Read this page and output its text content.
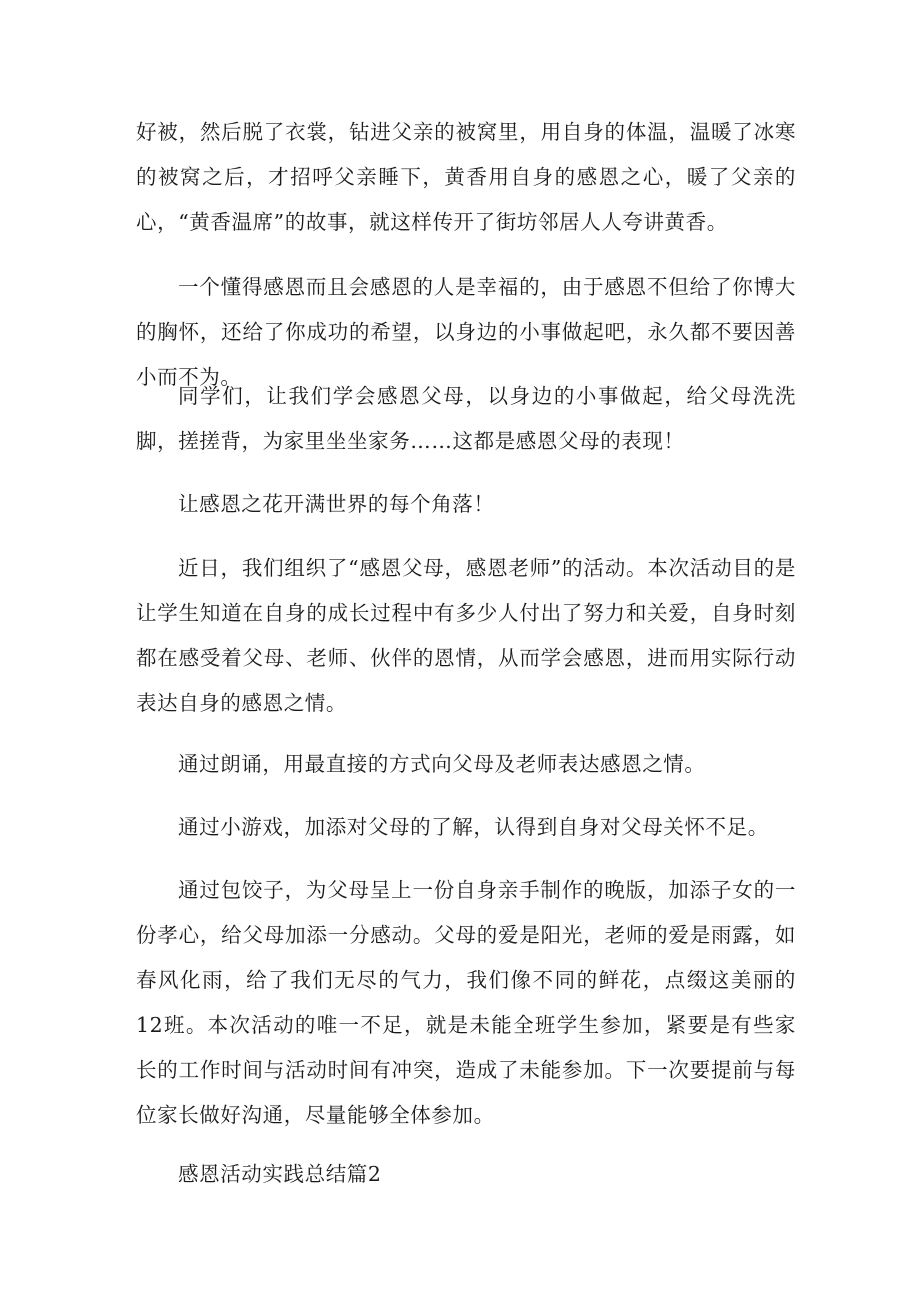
好被，然后脱了衣裳，钻进父亲的被窝里，用自身的体温，温暖了冰寒的被窝之后，才招呼父亲睡下，黄香用自身的感恩之心，暖了父亲的心，“黄香温席”的故事，就这样传开了街坊邻居人人夸讲黄香。

一个懂得感恩而且会感恩的人是幸福的，由于感恩不但给了你博大的胸怀，还给了你成功的希望，以身边的小事做起吧，永久都不要因善小而不为。

同学们，让我们学会感恩父母，以身边的小事做起，给父母洗洗脚，搓搓背，为家里坐坐家务……这都是感恩父母的表现！

让感恩之花开满世界的每个角落！

近日，我们组织了“感恩父母，感恩老师”的活动。本次活动目的是让学生知道在自身的成长过程中有多少人付出了努力和关爱，自身时刻都在感受着父母、老师、伙伴的恩情，从而学会感恩，进而用实际行动表达自身的感恩之情。

通过朗诵，用最直接的方式向父母及老师表达感恩之情。

通过小游戏，加添对父母的了解，认得到自身对父母关怀不足。

通过包饺子，为父母呈上一份自身亲手制作的晚版，加添子女的一份孝心，给父母加添一分感动。父母的爱是阳光，老师的爱是雨露，如春风化雨，给了我们无尽的气力，我们像不同的鲜花，点缀这美丽的12班。本次活动的唯一不足，就是未能全班学生参加，紧要是有些家长的工作时间与活动时间有冲突，造成了未能参加。下一次要提前与每位家长做好沟通，尽量能够全体参加。

感恩活动实践总结篇2
